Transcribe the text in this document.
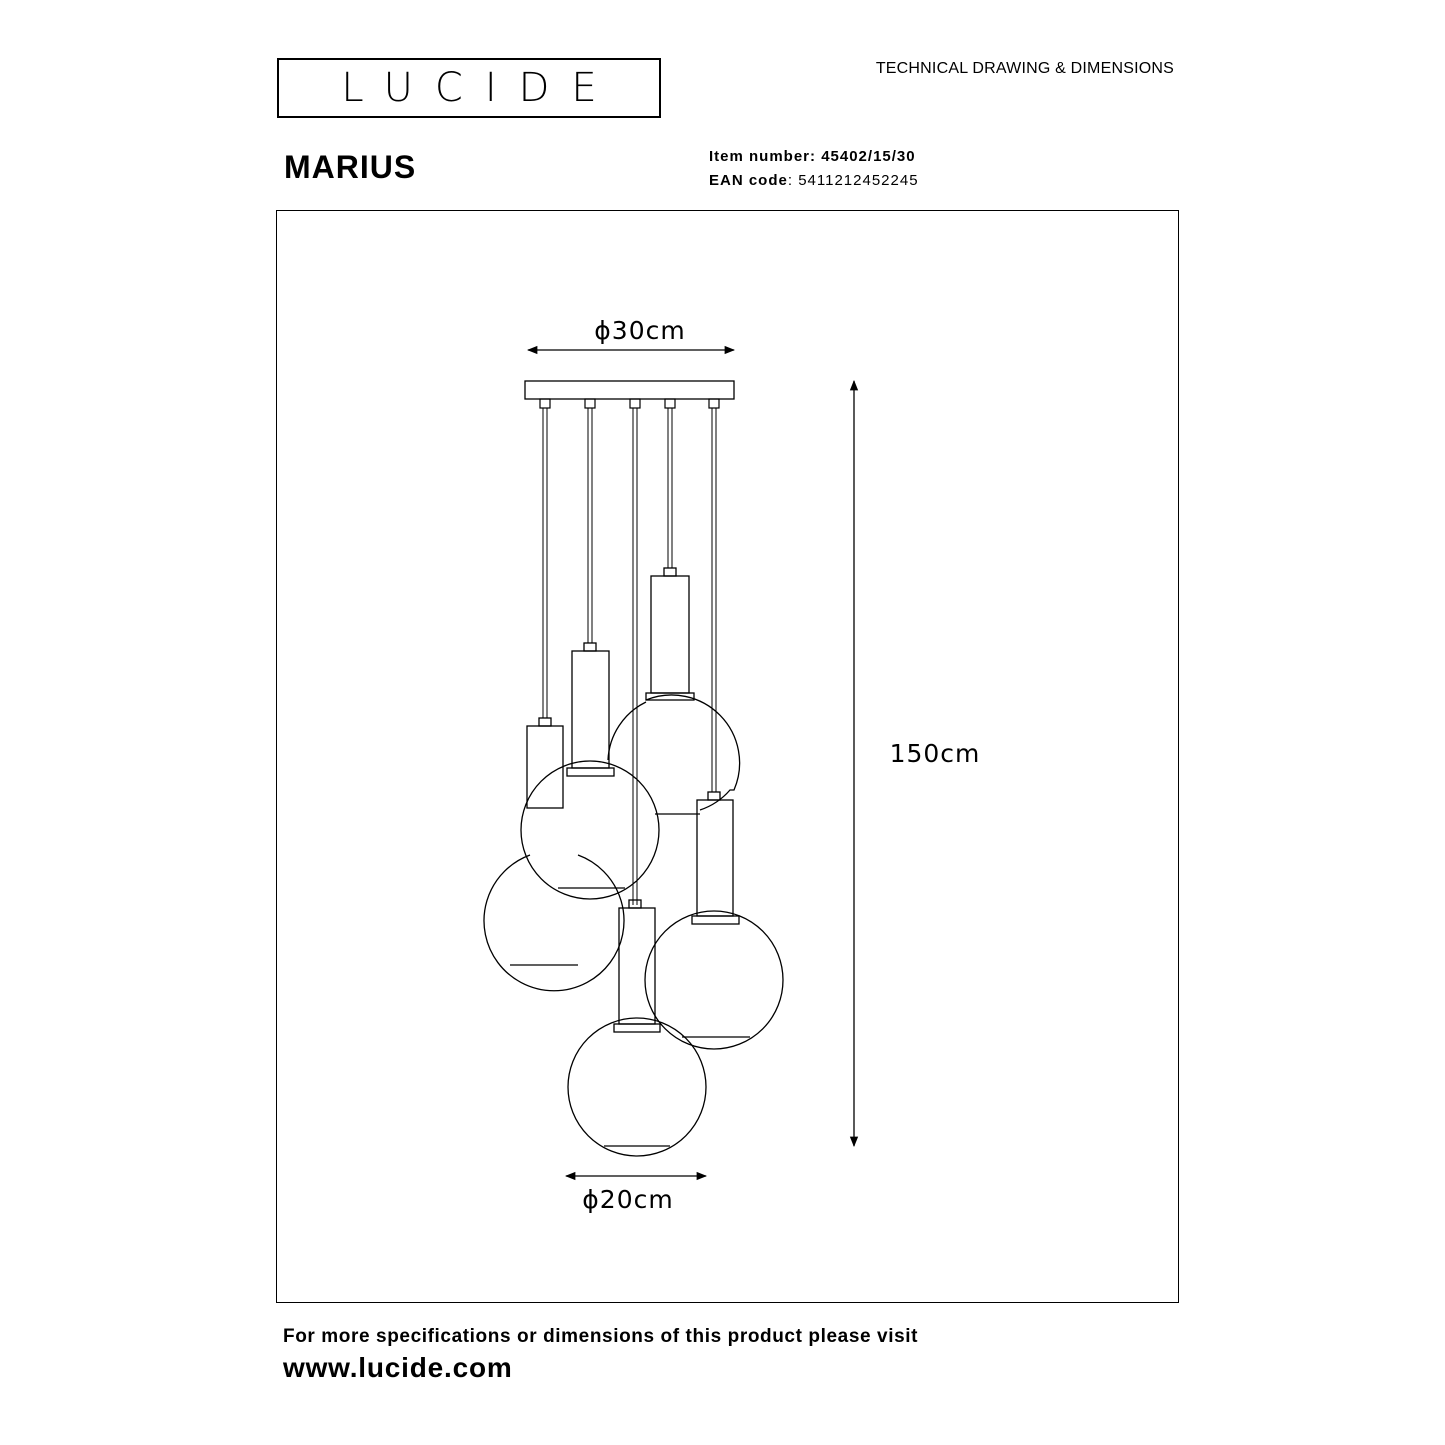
LUCIDE	TECHNICAL DRAWING & DIMENSIONS
MARIUS	Item number: 45402/15/30
EAN code: 5411212452245
ϕ30cm
150cm
ϕ20cm
For more specifications or dimensions of this product please visit
www.lucide.com
